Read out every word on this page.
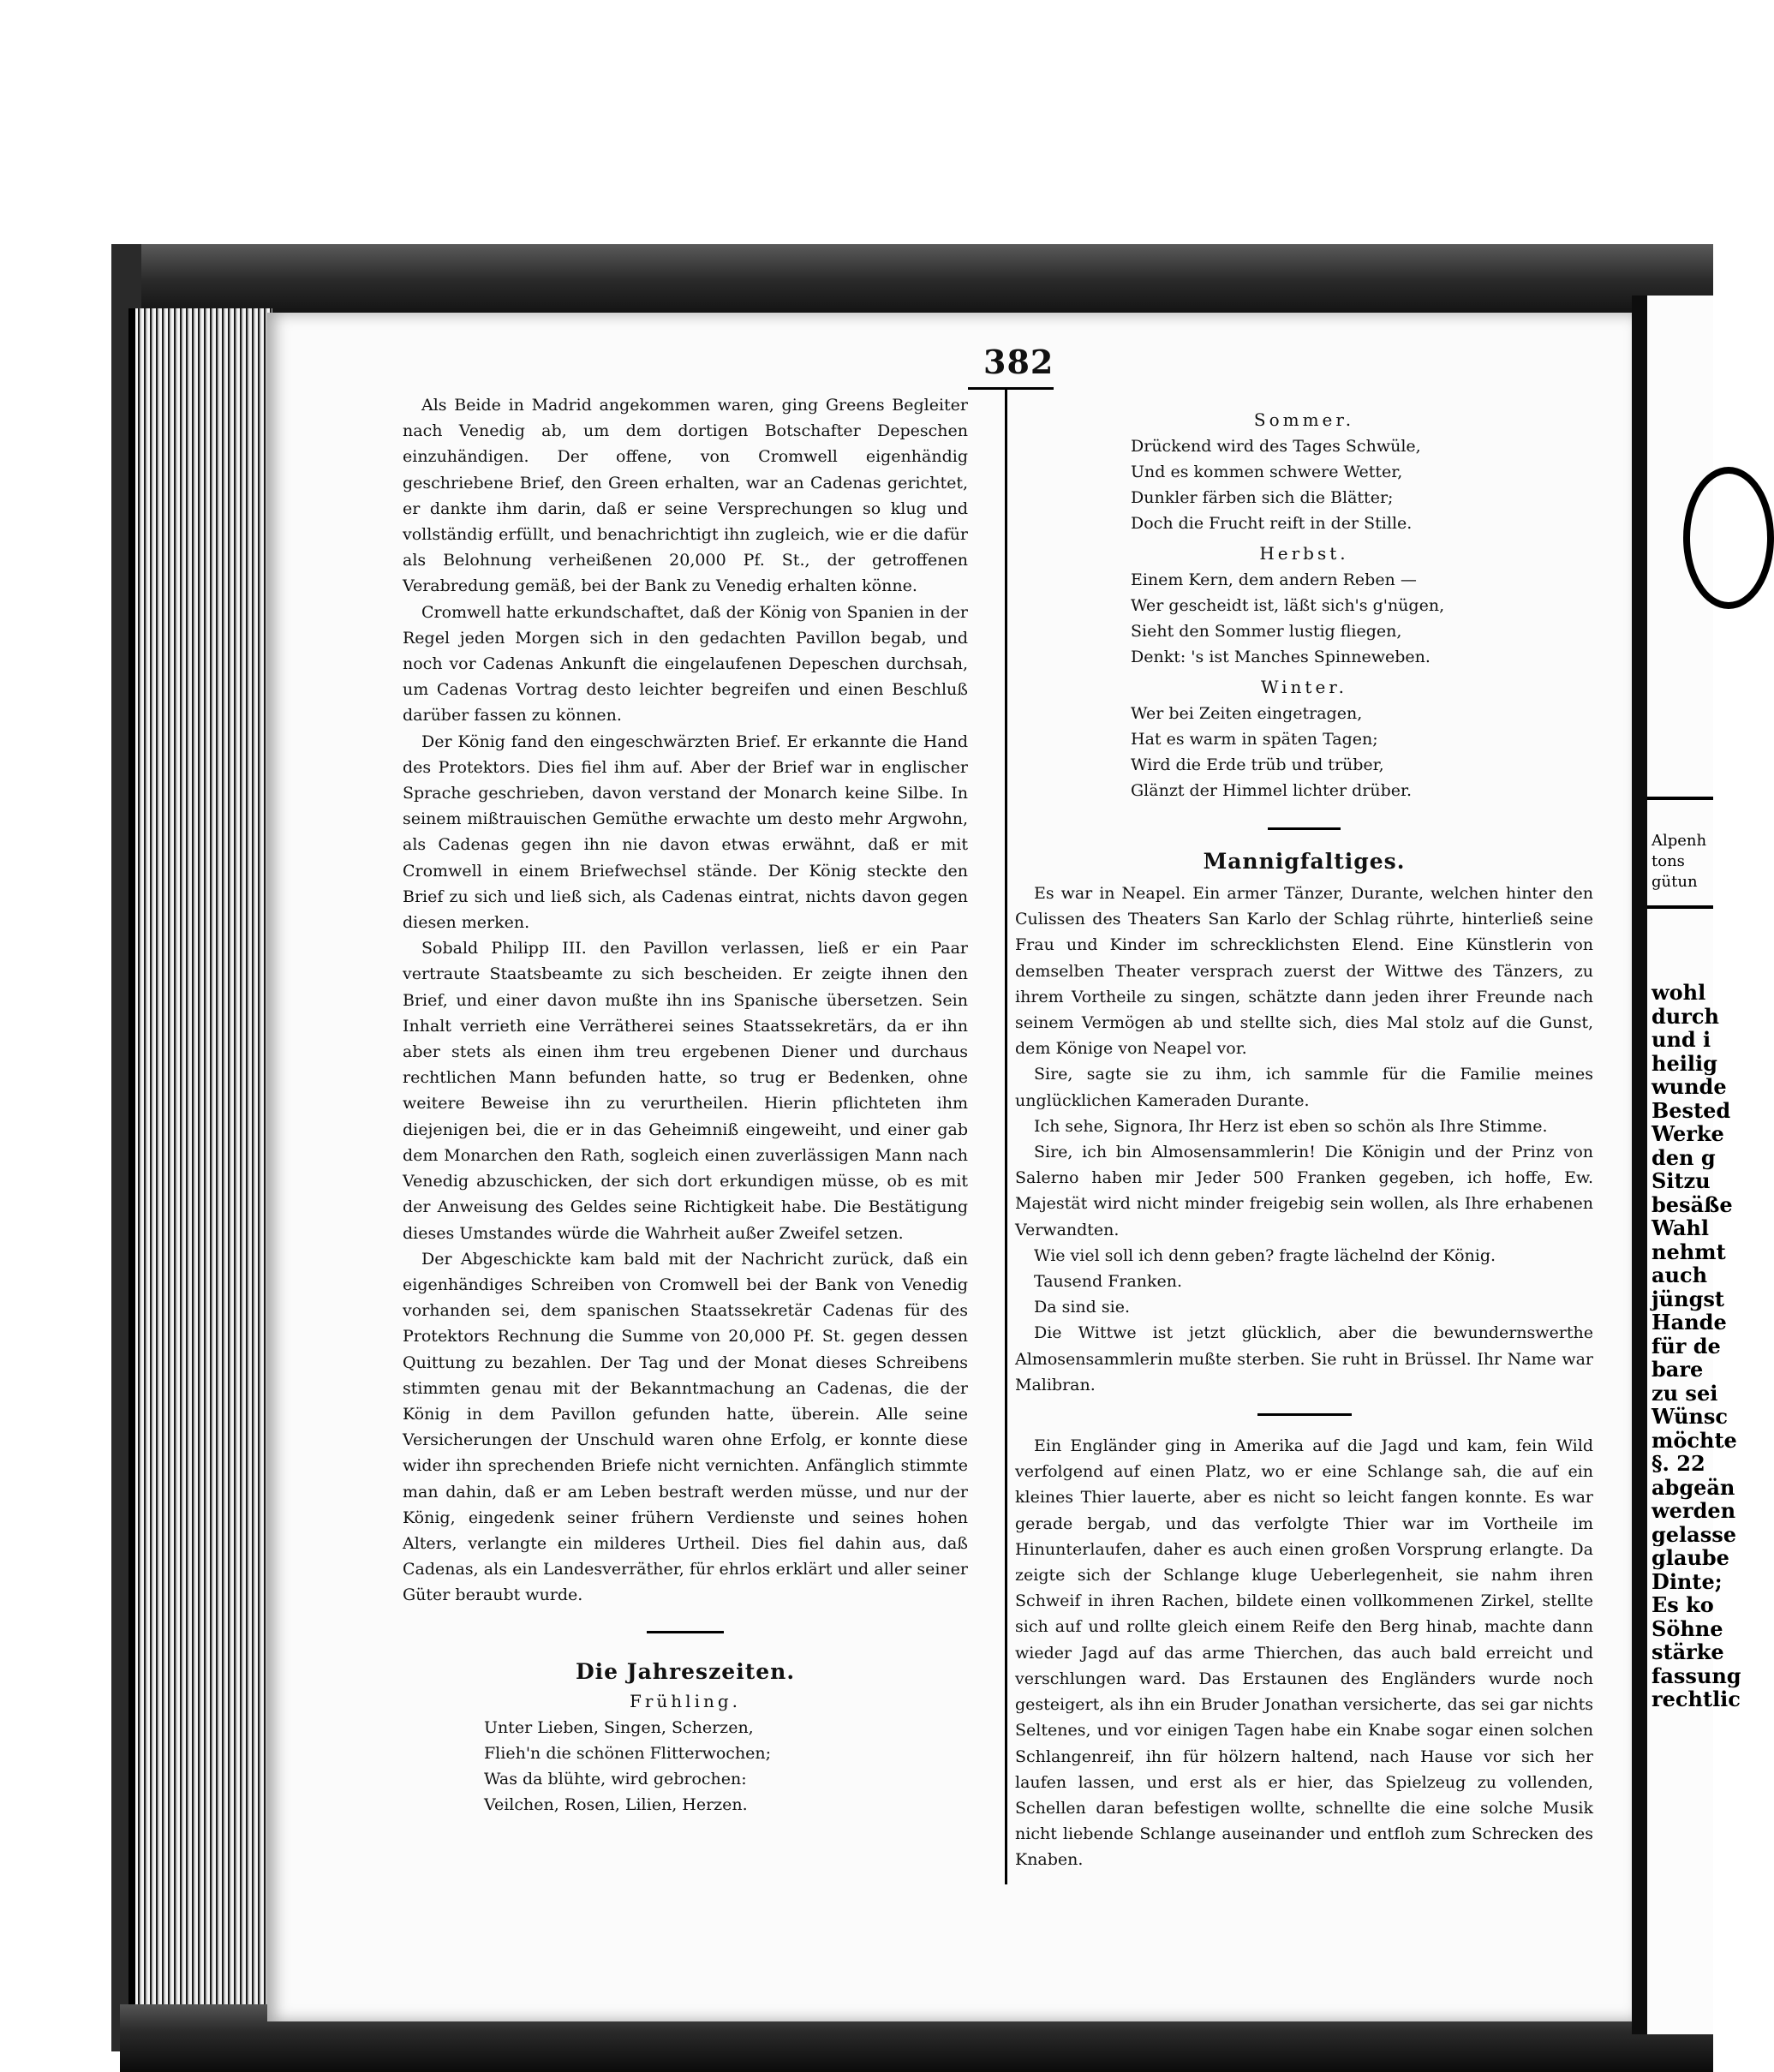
Alpenh
tons
gütun
wohl
durch
und i
heilig
wunde
Bested
Werke
den g
Sitzu
besäße
Wahl
nehmt
auch
jüngst
Hande
für de
bare
zu sei
Wünsc
möchte
§. 22
abgeän
werden
gelasse
glaube
Dinte;
Es ko
Söhne
stärke
fassung
rechtlic
382

Als Beide in Madrid angekommen waren, ging Greens Begleiter nach Venedig ab, um dem dortigen Botschafter Depeschen einzuhändigen. Der offene, von Cromwell eigenhändig geschriebene Brief, den Green erhalten, war an Cadenas gerichtet, er dankte ihm darin, daß er seine Versprechungen so klug und vollständig erfüllt, und benachrichtigt ihn zugleich, wie er die dafür als Belohnung verheißenen 20,000 Pf. St., der getroffenen Verabredung gemäß, bei der Bank zu Venedig erhalten könne.

Cromwell hatte erkundschaftet, daß der König von Spanien in der Regel jeden Morgen sich in den gedachten Pavillon begab, und noch vor Cadenas Ankunft die eingelaufenen Depeschen durchsah, um Cadenas Vortrag desto leichter begreifen und einen Beschluß darüber fassen zu können.

Der König fand den eingeschwärzten Brief. Er erkannte die Hand des Protektors. Dies fiel ihm auf. Aber der Brief war in englischer Sprache geschrieben, davon verstand der Monarch keine Silbe. In seinem mißtrauischen Gemüthe erwachte um desto mehr Argwohn, als Cadenas gegen ihn nie davon etwas erwähnt, daß er mit Cromwell in einem Briefwechsel stände. Der König steckte den Brief zu sich und ließ sich, als Cadenas eintrat, nichts davon gegen diesen merken.

Sobald Philipp III. den Pavillon verlassen, ließ er ein Paar vertraute Staatsbeamte zu sich bescheiden. Er zeigte ihnen den Brief, und einer davon mußte ihn ins Spanische übersetzen. Sein Inhalt verrieth eine Verrätherei seines Staatssekretärs, da er ihn aber stets als einen ihm treu ergebenen Diener und durchaus rechtlichen Mann befunden hatte, so trug er Bedenken, ohne weitere Beweise ihn zu verurtheilen. Hierin pflichteten ihm diejenigen bei, die er in das Geheimniß eingeweiht, und einer gab dem Monarchen den Rath, sogleich einen zuverlässigen Mann nach Venedig abzuschicken, der sich dort erkundigen müsse, ob es mit der Anweisung des Geldes seine Richtigkeit habe. Die Bestätigung dieses Umstandes würde die Wahrheit außer Zweifel setzen.

Der Abgeschickte kam bald mit der Nachricht zurück, daß ein eigenhändiges Schreiben von Cromwell bei der Bank von Venedig vorhanden sei, dem spanischen Staatssekretär Cadenas für des Protektors Rechnung die Summe von 20,000 Pf. St. gegen dessen Quittung zu bezahlen. Der Tag und der Monat dieses Schreibens stimmten genau mit der Bekanntmachung an Cadenas, die der König in dem Pavillon gefunden hatte, überein. Alle seine Versicherungen der Unschuld waren ohne Erfolg, er konnte diese wider ihn sprechenden Briefe nicht vernichten. Anfänglich stimmte man dahin, daß er am Leben bestraft werden müsse, und nur der König, eingedenk seiner frühern Verdienste und seines hohen Alters, verlangte ein milderes Urtheil. Dies fiel dahin aus, daß Cadenas, als ein Landesverräther, für ehrlos erklärt und aller seiner Güter beraubt wurde.

Die Jahreszeiten.

Frühling.

Unter Lieben, Singen, Scherzen,
Flieh'n die schönen Flitterwochen;
Was da blühte, wird gebrochen:
Veilchen, Rosen, Lilien, Herzen.

Sommer.

Drückend wird des Tages Schwüle,
Und es kommen schwere Wetter,
Dunkler färben sich die Blätter;
Doch die Frucht reift in der Stille.

Herbst.

Einem Kern, dem andern Reben —
Wer gescheidt ist, läßt sich's g'nügen,
Sieht den Sommer lustig fliegen,
Denkt: 's ist Manches Spinneweben.

Winter.

Wer bei Zeiten eingetragen,
Hat es warm in späten Tagen;
Wird die Erde trüb und trüber,
Glänzt der Himmel lichter drüber.

Mannigfaltiges.

Es war in Neapel. Ein armer Tänzer, Durante, welchen hinter den Culissen des Theaters San Karlo der Schlag rührte, hinterließ seine Frau und Kinder im schrecklichsten Elend. Eine Künstlerin von demselben Theater versprach zuerst der Wittwe des Tänzers, zu ihrem Vortheile zu singen, schätzte dann jeden ihrer Freunde nach seinem Vermögen ab und stellte sich, dies Mal stolz auf die Gunst, dem Könige von Neapel vor.

Sire, sagte sie zu ihm, ich sammle für die Familie meines unglücklichen Kameraden Durante.

Ich sehe, Signora, Ihr Herz ist eben so schön als Ihre Stimme.

Sire, ich bin Almosensammlerin! Die Königin und der Prinz von Salerno haben mir Jeder 500 Franken gegeben, ich hoffe, Ew. Majestät wird nicht minder freigebig sein wollen, als Ihre erhabenen Verwandten.

Wie viel soll ich denn geben? fragte lächelnd der König.

Tausend Franken.

Da sind sie.

Die Wittwe ist jetzt glücklich, aber die bewundernswerthe Almosensammlerin mußte sterben. Sie ruht in Brüssel. Ihr Name war Malibran.

Ein Engländer ging in Amerika auf die Jagd und kam, fein Wild verfolgend auf einen Platz, wo er eine Schlange sah, die auf ein kleines Thier lauerte, aber es nicht so leicht fangen konnte. Es war gerade bergab, und das verfolgte Thier war im Vortheile im Hinunterlaufen, daher es auch einen großen Vorsprung erlangte. Da zeigte sich der Schlange kluge Ueberlegenheit, sie nahm ihren Schweif in ihren Rachen, bildete einen vollkommenen Zirkel, stellte sich auf und rollte gleich einem Reife den Berg hinab, machte dann wieder Jagd auf das arme Thierchen, das auch bald erreicht und verschlungen ward. Das Erstaunen des Engländers wurde noch gesteigert, als ihn ein Bruder Jonathan versicherte, das sei gar nichts Seltenes, und vor einigen Tagen habe ein Knabe sogar einen solchen Schlangenreif, ihn für hölzern haltend, nach Hause vor sich her laufen lassen, und erst als er hier, das Spielzeug zu vollenden, Schellen daran befestigen wollte, schnellte die eine solche Musik nicht liebende Schlange auseinander und entfloh zum Schrecken des Knaben.
